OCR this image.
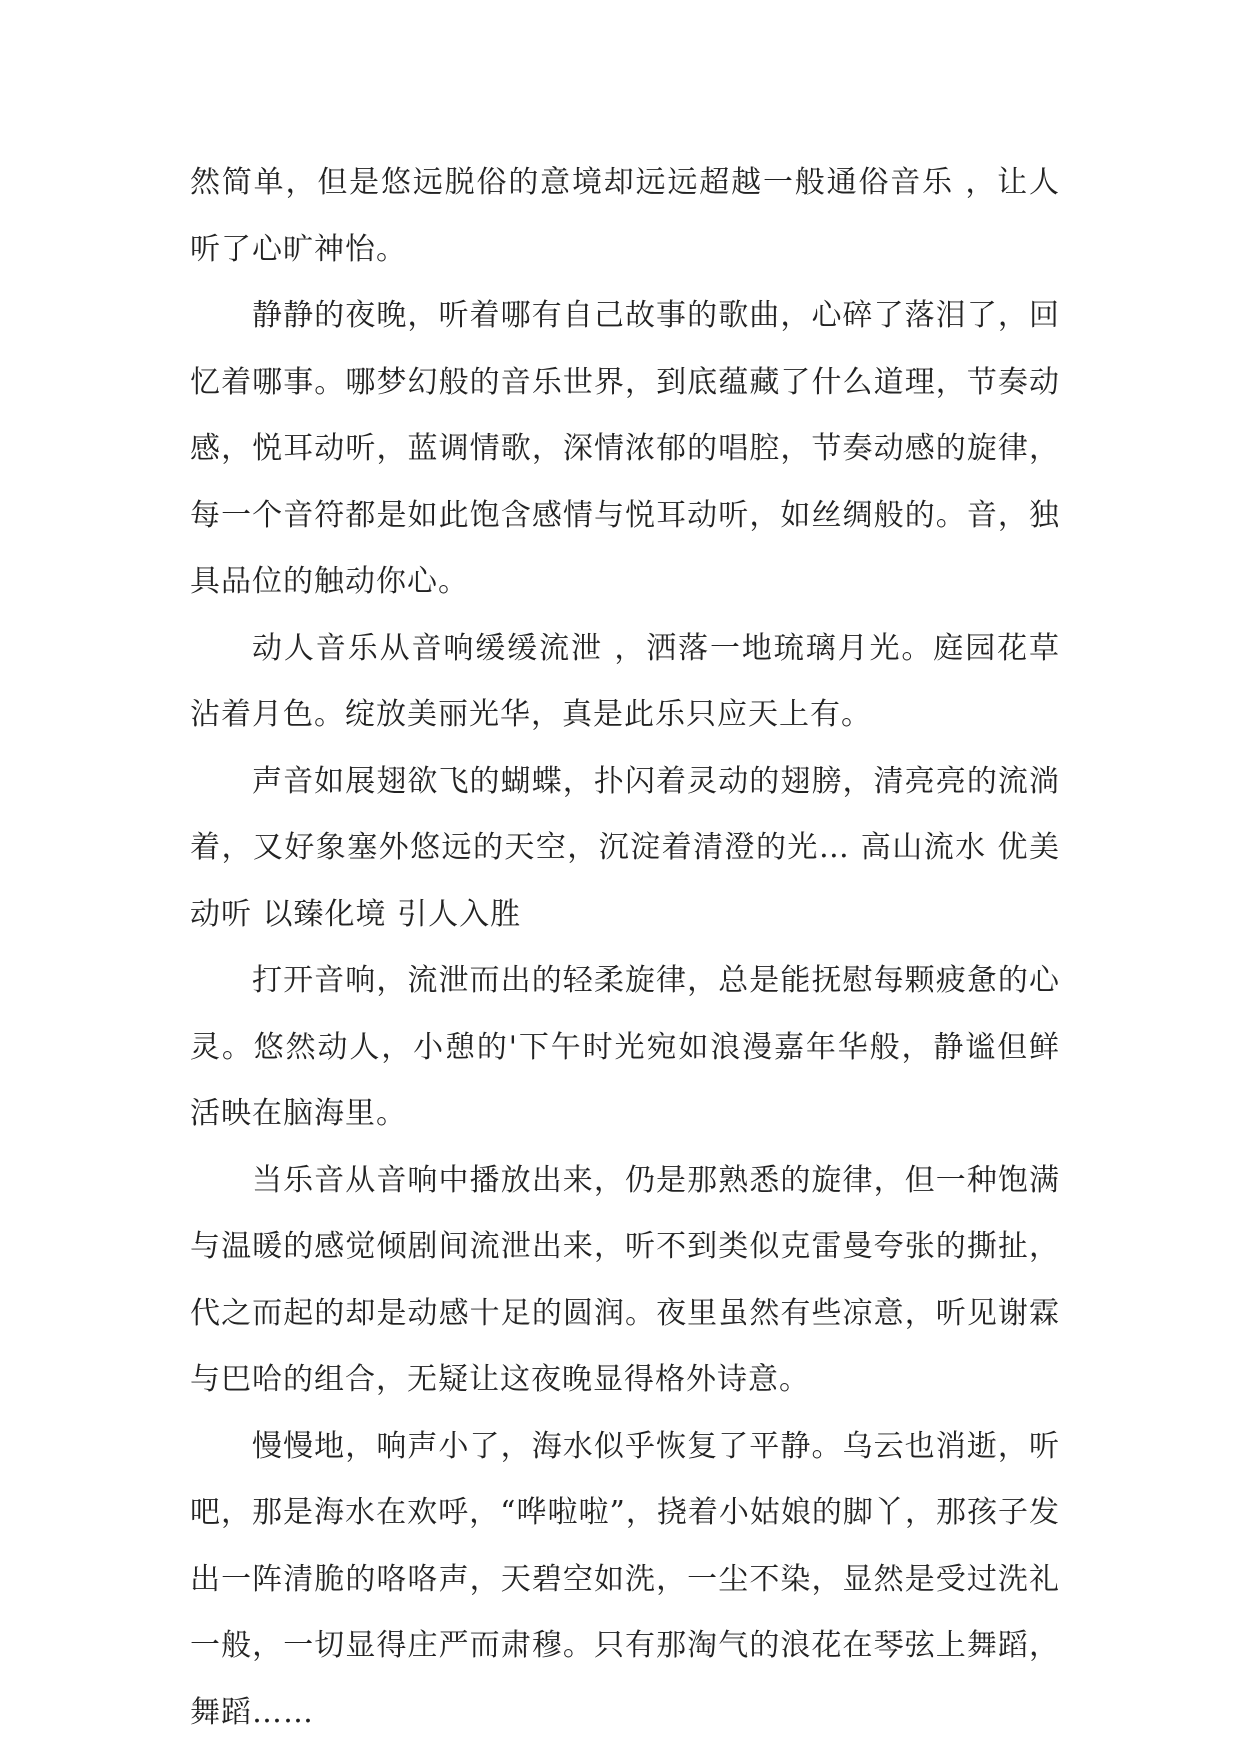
然简单，但是悠远脱俗的意境却远远超越一般通俗音乐 ，让人听了心旷神怡。

静静的夜晚，听着哪有自己故事的歌曲，心碎了落泪了，回忆着哪事。哪梦幻般的音乐世界，到底蕴藏了什么道理，节奏动感，悦耳动听，蓝调情歌，深情浓郁的唱腔，节奏动感的旋律，每一个音符都是如此饱含感情与悦耳动听，如丝绸般的。音，独具品位的触动你心。

动人音乐从音响缓缓流泄 ，洒落一地琉璃月光。庭园花草沾着月色。绽放美丽光华，真是此乐只应天上有。

声音如展翅欲飞的蝴蝶，扑闪着灵动的翅膀，清亮亮的流淌着，又好象塞外悠远的天空，沉淀着清澄的光… 高山流水 优美动听 以臻化境 引人入胜

打开音响，流泄而出的轻柔旋律，总是能抚慰每颗疲惫的心灵。悠然动人，小憩的'下午时光宛如浪漫嘉年华般，静谧但鲜活映在脑海里。

当乐音从音响中播放出来，仍是那熟悉的旋律，但一种饱满与温暖的感觉倾剧间流泄出来，听不到类似克雷曼夸张的撕扯，代之而起的却是动感十足的圆润。夜里虽然有些凉意，听见谢霖与巴哈的组合，无疑让这夜晚显得格外诗意。

慢慢地，响声小了，海水似乎恢复了平静。乌云也消逝，听吧，那是海水在欢呼，“哗啦啦”，挠着小姑娘的脚丫，那孩子发出一阵清脆的咯咯声，天碧空如洗，一尘不染，显然是受过洗礼一般，一切显得庄严而肃穆。只有那淘气的浪花在琴弦上舞蹈，舞蹈……
